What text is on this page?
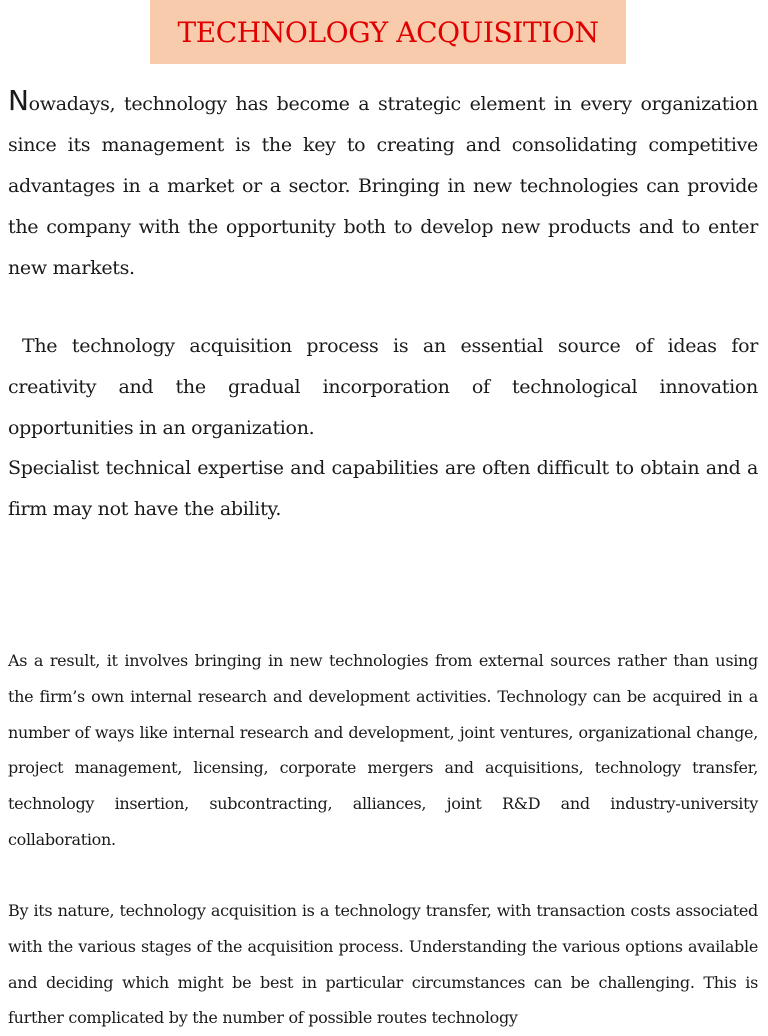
TECHNOLOGY ACQUISITION

Nowadays, technology has become a strategic element in every organization since its management is the key to creating and consolidating competitive advantages in a market or a sector. Bringing in new technologies can provide the company with the opportunity both to develop new products and to enter new markets.

The technology acquisition process is an essential source of ideas for creativity and the gradual incorporation of technological innovation opportunities in an organization.

Specialist technical expertise and capabilities are often difficult to obtain and a firm may not have the ability.

As a result, it involves bringing in new technologies from external sources rather than using the firm’s own internal research and development activities. Technology can be acquired in a number of ways like internal research and development, joint ventures, organizational change, project management, licensing, corporate mergers and acquisitions, technology transfer, technology insertion, subcontracting, alliances, joint R&D and industry-university collaboration.

By its nature, technology acquisition is a technology transfer, with transaction costs associated with the various stages of the acquisition process. Understanding the various options available and deciding which might be best in particular circumstances can be challenging. This is further complicated by the number of possible routes technology
